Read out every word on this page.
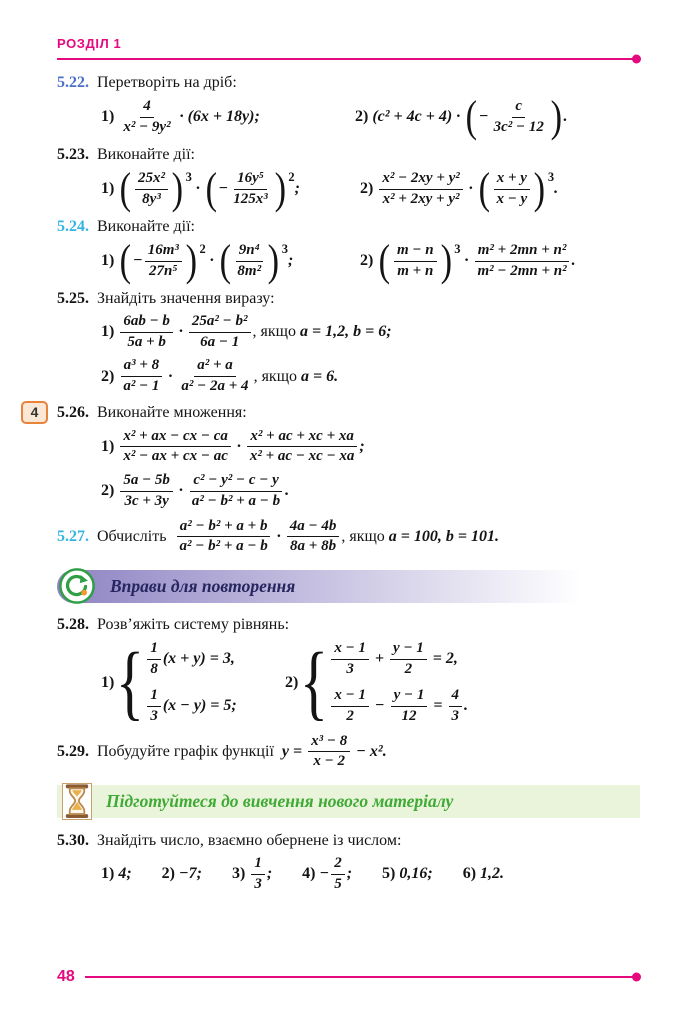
РОЗДІЛ 1
5.22. Перетворіть на дріб:
$1) \frac{4}{\text{x² − 9y²}} \cdot (6x + 18y)$;	2) (c² + 4c + 4) · ( − $\frac{c}{\text{3c² − 12}}$ ) .
5.23. Виконайте дії:
1) ( $\frac{\text{25x²}}{\text{8y³}}$ ) 3
· ( − $\frac{\text{16y⁵}}{\text{125x³}}$ ) 2
;	$2) \frac{\text{x² − 2xy + y²}}{\text{x² + 2xy + y²}}$ · ( $\frac{x + y}{x - y}$ ) 3
.
5.24. Виконайте дії:
1) ( − $\frac{\text{16m³}}{\text{27n⁵}}$ ) 2
· ( $\frac{\text{9n⁴}}{\text{8m²}}$ ) 3
;	2) ( $\frac{m - n}{m + n}$ ) 3
· $\frac{\text{m² + 2mn + n²}}{\text{m² − 2mn + n²}}$ .
5.25. Знайдіть значення виразу:
$1) \frac{6ab - b}{5a + b} \cdot \frac{\text{25a² − b²}}{6a - 1}$ , якщо a = 1,2, b = 6;
$2) \frac{\text{a³ + 8}}{\text{a² − 1}} \cdot \frac{\text{a² + a}}{\text{a² − 2a + 4}}$ , якщо a = 6.
4	5.26. Виконайте множення:
$1) \frac{\text{x² + ax − cx − ca}}{\text{x² − ax + cx − ac}} \cdot \frac{\text{x² + ac + xc + xa}}{\text{x² + ac − xc − xa}}$ ;
$2) \frac{5a - 5b}{3c + 3y} \cdot \frac{\text{c² − y² − c − y}}{\text{a² − b² + a − b}}$ .
5.27. Обчисліть $\frac{\text{a² − b² + a + b}}{\text{a² − b² + a − b}} \cdot \frac{4a - 4b}{8a + 8b}$ , якщо a = 100, b = 101.
Вправи для повторення
5.28. Розв’яжіть систему рівнянь:
1)
{ $\frac{1}{8} (x + y) = 3$,
$\frac{1}{3} (x - y) = 5$;
2)
{ $\frac{x - 1}{3} + \frac{y - 1}{2} = 2$,
$\frac{x - 1}{2} - \frac{y - 1}{12} = \frac{4}{3}$ .
5.29. Побудуйте графік функції $y = \frac{\text{x³ − 8}}{x - 2} - x^2$.
Підготуйтеся до вивчення нового матеріалу
5.30. Знайдіть число, взаємно обернене із числом:
1) 4; 2) −7; $3) \frac{1}{3}$ ; $4) - \frac{2}{5}$ ; 5) 0,16; 6) 1,2.
48
